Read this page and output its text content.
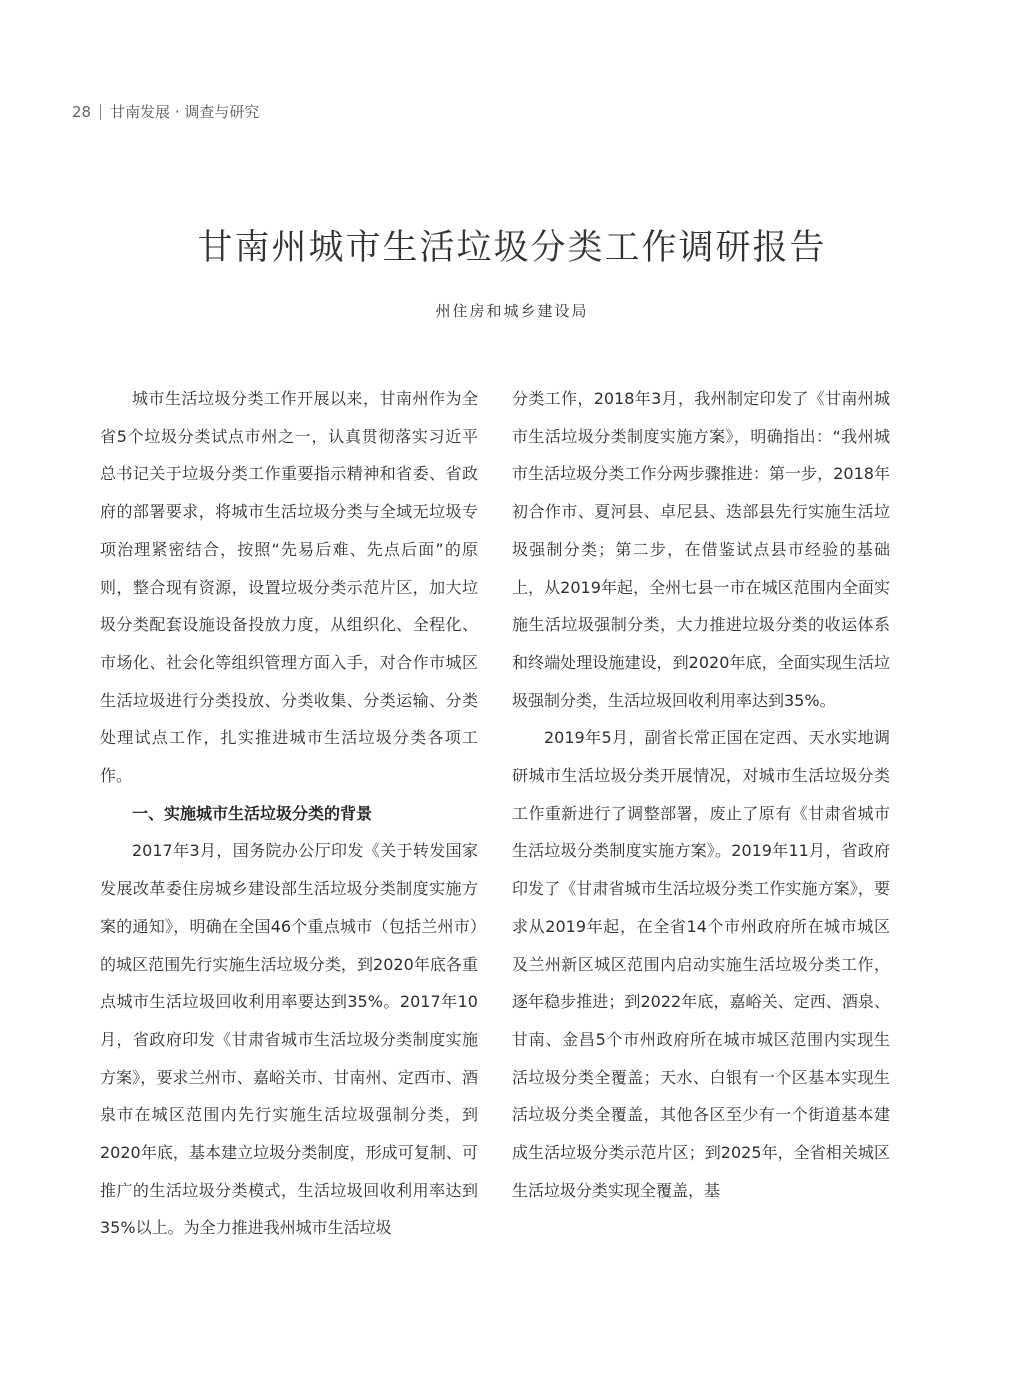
28 甘南发展 · 调查与研究
甘南州城市生活垃圾分类工作调研报告
州住房和城乡建设局

城市生活垃圾分类工作开展以来，甘南州作为全省5个垃圾分类试点市州之一，认真贯彻落实习近平总书记关于垃圾分类工作重要指示精神和省委、省政府的部署要求，将城市生活垃圾分类与全域无垃圾专项治理紧密结合，按照“先易后难、先点后面”的原则，整合现有资源，设置垃圾分类示范片区，加大垃圾分类配套设施设备投放力度，从组织化、全程化、市场化、社会化等组织管理方面入手，对合作市城区生活垃圾进行分类投放、分类收集、分类运输、分类处理试点工作，扎实推进城市生活垃圾分类各项工作。

一、实施城市生活垃圾分类的背景

2017年3月，国务院办公厅印发《关于转发国家发展改革委住房城乡建设部生活垃圾分类制度实施方案的通知》，明确在全国46个重点城市（包括兰州市）的城区范围先行实施生活垃圾分类，到2020年底各重点城市生活垃圾回收利用率要达到35%。2017年10月，省政府印发《甘肃省城市生活垃圾分类制度实施方案》，要求兰州市、嘉峪关市、甘南州、定西市、酒泉市在城区范围内先行实施生活垃圾强制分类，到2020年底，基本建立垃圾分类制度，形成可复制、可推广的生活垃圾分类模式，生活垃圾回收利用率达到35%以上。为全力推进我州城市生活垃圾

分类工作，2018年3月，我州制定印发了《甘南州城市生活垃圾分类制度实施方案》，明确指出：“我州城市生活垃圾分类工作分两步骤推进：第一步，2018年初合作市、夏河县、卓尼县、迭部县先行实施生活垃圾强制分类；第二步，在借鉴试点县市经验的基础上，从2019年起，全州七县一市在城区范围内全面实施生活垃圾强制分类，大力推进垃圾分类的收运体系和终端处理设施建设，到2020年底，全面实现生活垃圾强制分类，生活垃圾回收利用率达到35%。

2019年5月，副省长常正国在定西、天水实地调研城市生活垃圾分类开展情况，对城市生活垃圾分类工作重新进行了调整部署，废止了原有《甘肃省城市生活垃圾分类制度实施方案》。2019年11月，省政府印发了《甘肃省城市生活垃圾分类工作实施方案》，要求从2019年起，在全省14个市州政府所在城市城区及兰州新区城区范围内启动实施生活垃圾分类工作，逐年稳步推进；到2022年底，嘉峪关、定西、酒泉、甘南、金昌5个市州政府所在城市城区范围内实现生活垃圾分类全覆盖；天水、白银有一个区基本实现生活垃圾分类全覆盖，其他各区至少有一个街道基本建成生活垃圾分类示范片区；到2025年，全省相关城区生活垃圾分类实现全覆盖，基
